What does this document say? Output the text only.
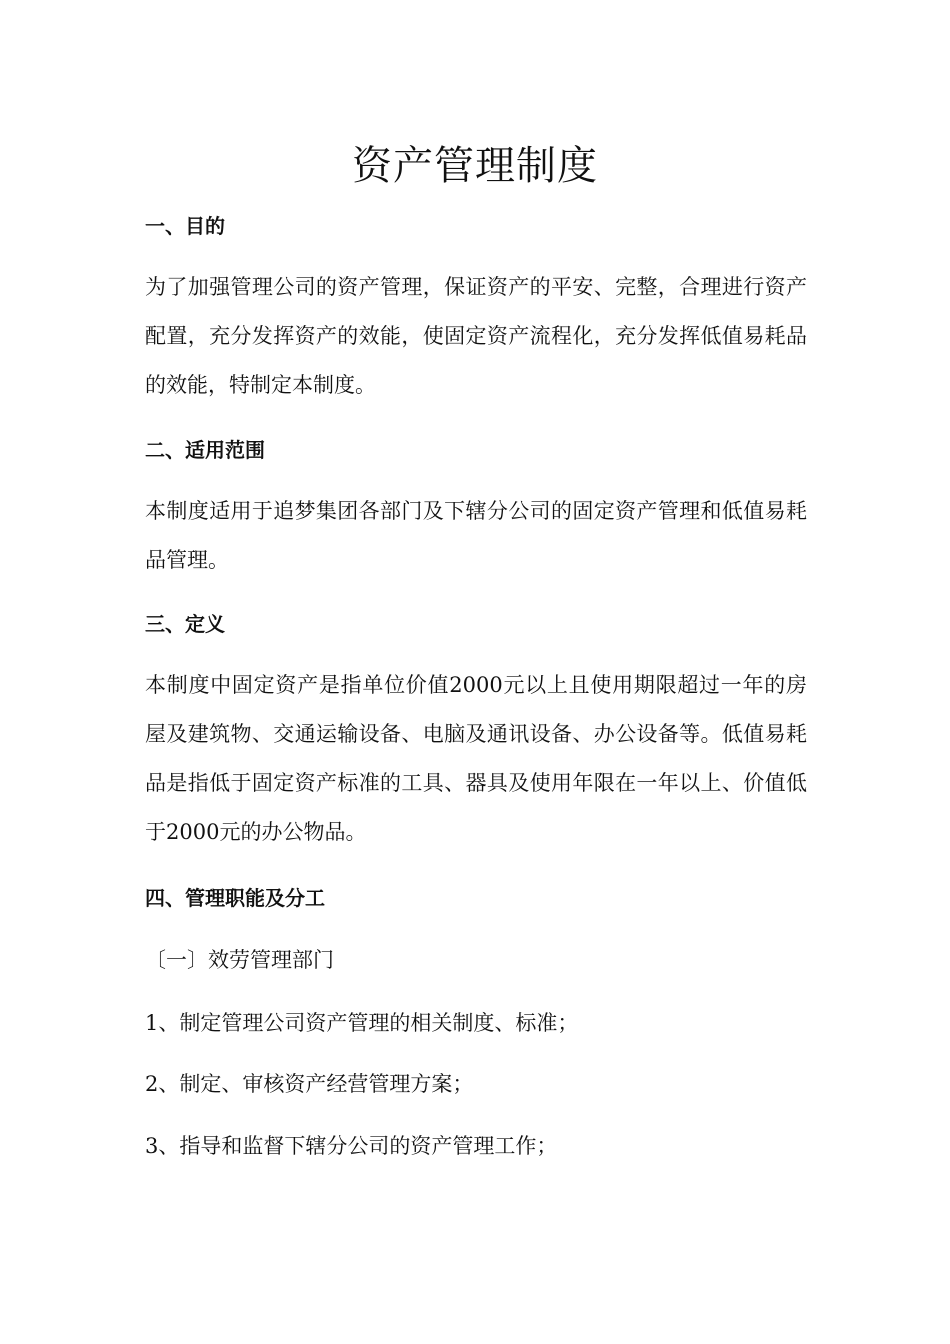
资产管理制度
一、目的
为了加强管理公司的资产管理，保证资产的平安、完整，合理进行资产配置，充分发挥资产的效能，使固定资产流程化，充分发挥低值易耗品的效能，特制定本制度。
二、适用范围
本制度适用于追梦集团各部门及下辖分公司的固定资产管理和低值易耗品管理。
三、定义
本制度中固定资产是指单位价值2000元以上且使用期限超过一年的房屋及建筑物、交通运输设备、电脑及通讯设备、办公设备等。低值易耗品是指低于固定资产标准的工具、器具及使用年限在一年以上、价值低于2000元的办公物品。
四、管理职能及分工
〔一〕效劳管理部门
1、制定管理公司资产管理的相关制度、标准；
2、制定、审核资产经营管理方案；
3、指导和监督下辖分公司的资产管理工作；
